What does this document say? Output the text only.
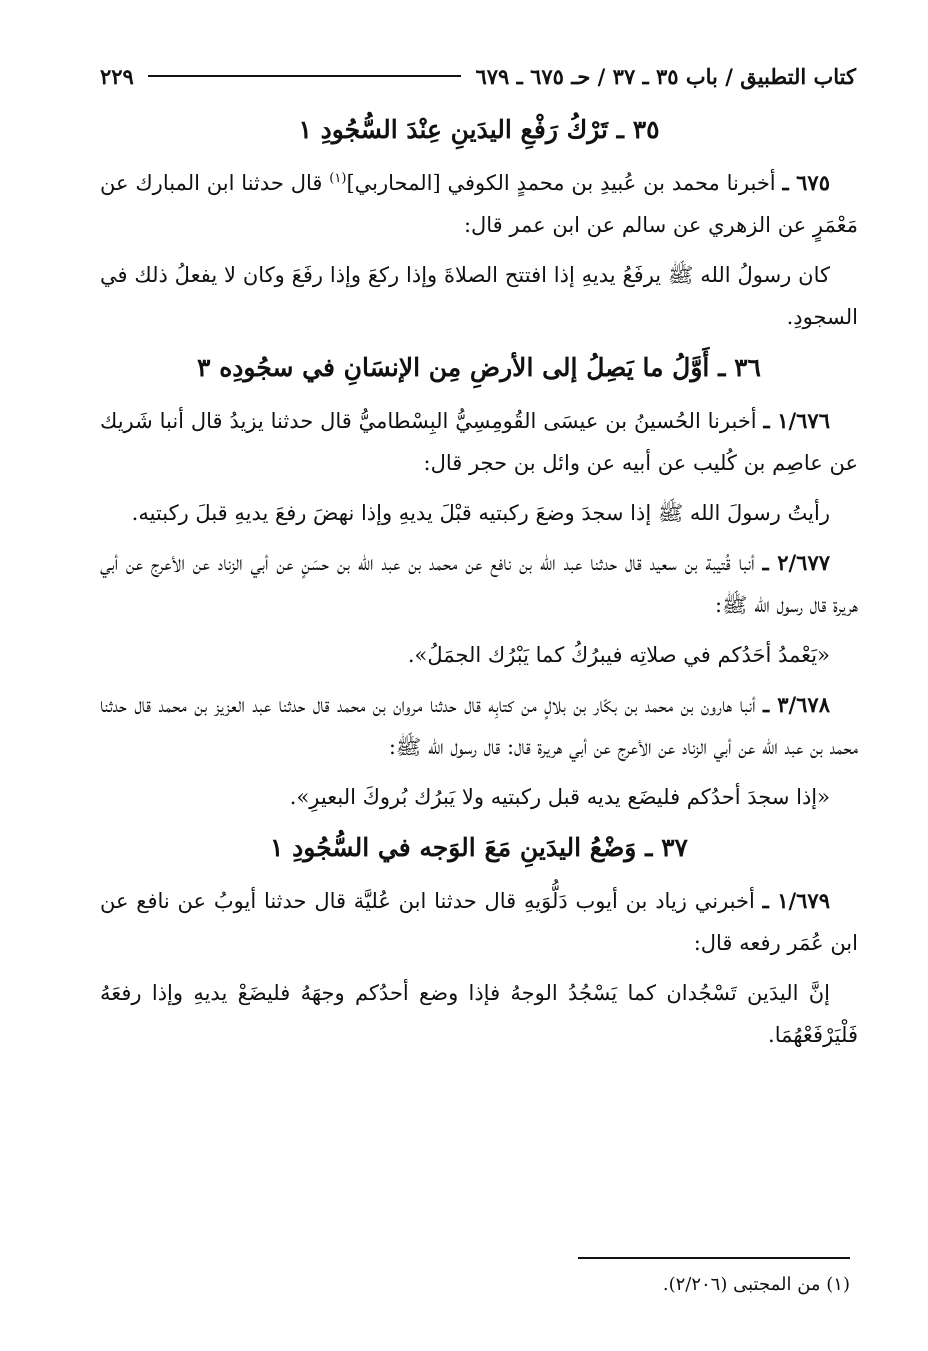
كتاب التطبيق / باب ٣٥ ـ ٣٧ / حـ ٦٧٥ ـ ٦٧٩
٢٢٩
٣٥ ـ تَرْكُ رَفْعِ اليدَينِ عِنْدَ السُّجُودِ ١

٦٧٥ ـ أخبرنا محمد بن عُبيدِ بن محمدٍ الكوفي [المحاربي]$^{(١)}$ قال حدثنا ابن المبارك عن مَعْمَرٍ عن الزهري عن سالم عن ابن عمر قال:

كان رسولُ الله ﷺ يرفَعُ يديهِ إذا افتتح الصلاةَ وإذا ركعَ وإذا رفَعَ وكان لا يفعلُ ذلك في السجودِ.

٣٦ ـ أَوَّلُ ما يَصِلُ إلى الأرضِ مِن الإنسَانِ في سجُودِه ٣

١/٦٧٦ ـ أخبرنا الحُسينُ بن عيسَى القُومِسِيُّ البِسْطاميُّ قال حدثنا يزيدُ قال أنبا شَريك عن عاصِم بن كُليب عن أبيه عن وائل بن حجر قال:

رأيتُ رسولَ الله ﷺ إذا سجدَ وضعَ ركبتيه قبْلَ يديهِ وإذا نهضَ رفعَ يديهِ قبلَ ركبتيه.

٢/٦٧٧ ـ أنبا قُتيبة بن سعيد قال حدثنا عبد الله بن نافع عن محمد بن عبد الله بن حسَنٍ عن أبي الزناد عن الأعرج عن أبي هريرة قال رسول الله ﷺ:

«يَعْمدُ أحَدُكم في صلاتِه فيبرُكُ كما يَبْرُك الجمَلُ».

٣/٦٧٨ ـ أنبا هارون بن محمد بن بكّار بن بلالٍ من كتابِه قال حدثنا مروان بن محمد قال حدثنا عبد العزيز بن محمد قال حدثنا محمد بن عبد الله عن أبي الزناد عن الأعرج عن أبي هريرة قال: قال رسول الله ﷺ:

«إذا سجدَ أحدُكم فليضَع يديه قبل ركبتيه ولا يَبرُك بُروكَ البعيرِ».

٣٧ ـ وَضْعُ اليدَينِ مَعَ الوَجه في السُّجُودِ ١

١/٦٧٩ ـ أخبرني زياد بن أيوب دَلُّوَيهِ قال حدثنا ابن عُليَّة قال حدثنا أيوبُ عن نافع عن ابن عُمَر رفعه قال:

إنَّ اليدَين تَسْجُدان كما يَسْجُدُ الوجهُ فإذا وضع أحدُكم وجهَهُ فليضَعْ يديهِ وإذا رفعَهُ فَلْيَرْفَعْهُمَا.

(١) من المجتبى (٢/٢٠٦).
